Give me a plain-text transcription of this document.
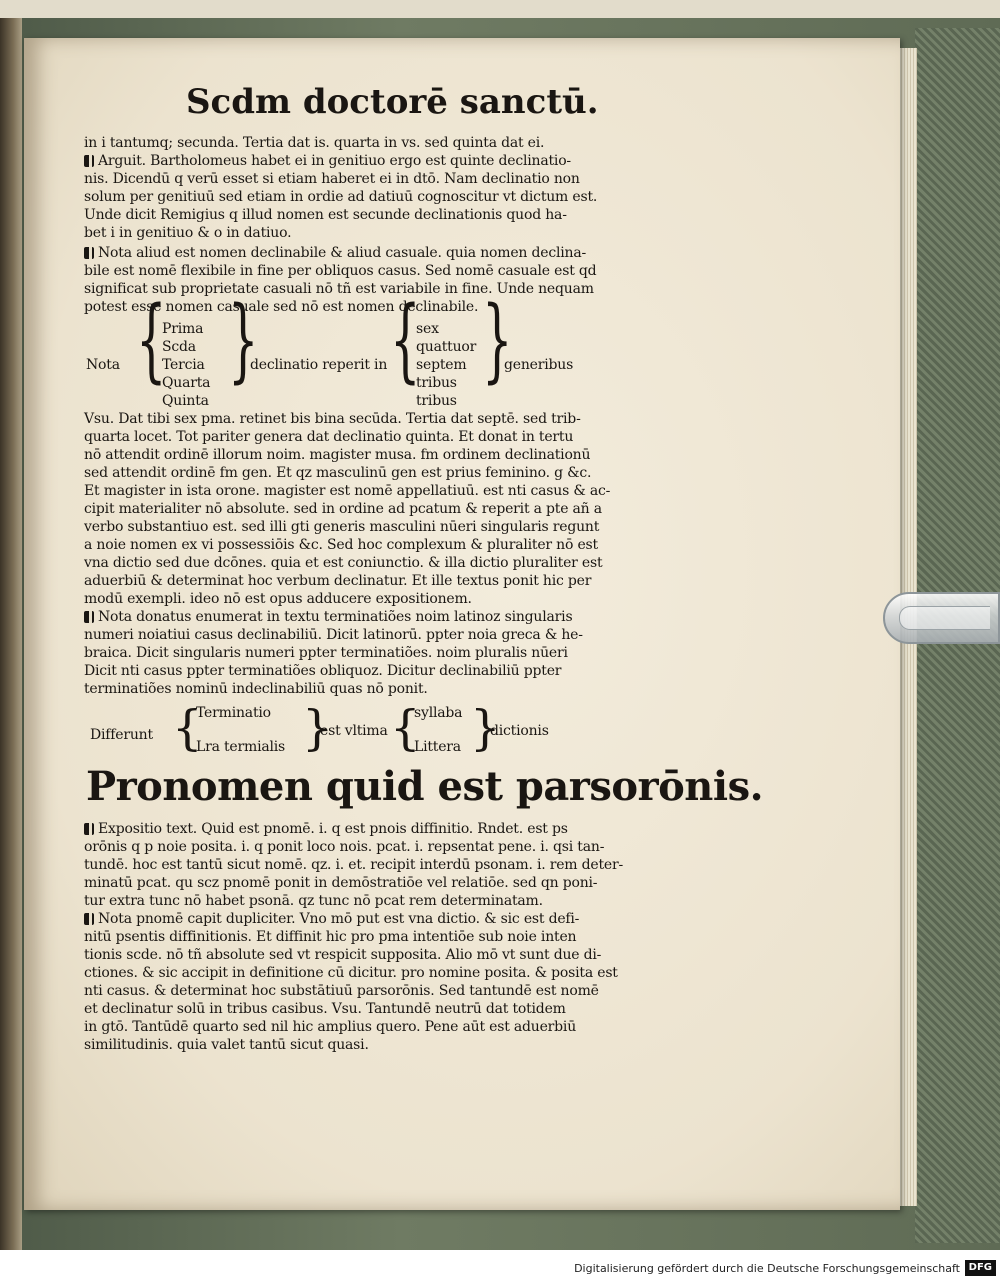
Scdm doctorē sanctū.
in i tantumq; secunda. Tertia dat is. quarta in vs. sed quinta dat ei.
Arguit. Bartholomeus habet ei in genitiuo ergo est quinte declinatio-
nis. Dicendū q verū esset si etiam haberet ei in dtō. Nam declinatio non
solum per genitiuū sed etiam in ordie ad datiuū cognoscitur vt dictum est.
Unde dicit Remigius q illud nomen est secunde declinationis quod ha-
bet i in genitiuo & o in datiuo.
Nota aliud est nomen declinabile & aliud casuale. quia nomen declina-
bile est nomē flexibile in fine per obliquos casus. Sed nomē casuale est qd
significat sub proprietate casuali nō tñ est variabile in fine. Unde nequam
potest esse nomen casuale sed nō est nomen declinabile.
Nota {
Prima
Scda
Tercia
Quarta
Quinta
}
declinatio reperit in {
sex
quattuor
septem
tribus
tribus
}
generibus
Vsu. Dat tibi sex pma. retinet bis bina secūda. Tertia dat septē. sed trib-
quarta locet. Tot pariter genera dat declinatio quinta. Et donat in tertu
nō attendit ordinē illorum noim. magister musa. fm ordinem declinationū
sed attendit ordinē fm gen. Et qz masculinū gen est prius feminino. g &c.
Et magister in ista orone. magister est nomē appellatiuū. est nti casus & ac-
cipit materialiter nō absolute. sed in ordine ad pcatum & reperit a pte añ a
verbo substantiuo est. sed illi gti generis masculini nūeri singularis regunt
a noie nomen ex vi possessiōis &c. Sed hoc complexum & pluraliter nō est
vna dictio sed due dcōnes. quia et est coniunctio. & illa dictio pluraliter est
aduerbiū & determinat hoc verbum declinatur. Et ille textus ponit hic per
modū exempli. ideo nō est opus adducere expositionem.
Nota donatus enumerat in textu terminatiões noim latinoz singularis
numeri noiatiui casus declinabiliū. Dicit latinorū. ppter noia greca & he-
braica. Dicit singularis numeri ppter terminatiões. noim pluralis nūeri
Dicit nti casus ppter terminatiões obliquoz. Dicitur declinabiliū ppter
terminatiões nominū indeclinabiliū quas nō ponit.
Differunt {
Terminatio
Lra termialis }
est vltima {
syllaba
Littera }
dictionis
Pronomen quid est parsorōnis.
Expositio text. Quid est pnomē. i. q est pnois diffinitio. Rndet. est ps
orōnis q p noie posita. i. q ponit loco nois. pcat. i. repsentat pene. i. qsi tan-
tundē. hoc est tantū sicut nomē. qz. i. et. recipit interdū psonam. i. rem deter-
minatū pcat. qu scz pnomē ponit in demōstratiōe vel relatiōe. sed qn poni-
tur extra tunc nō habet psonā. qz tunc nō pcat rem determinatam.
Nota pnomē capit dupliciter. Vno mō put est vna dictio. & sic est defi-
nitū psentis diffinitionis. Et diffinit hic pro pma intentiōe sub noie inten
tionis scde. nō tñ absolute sed vt respicit supposita. Alio mō vt sunt due di-
ctiones. & sic accipit in definitione cū dicitur. pro nomine posita. & posita est
nti casus. & determinat hoc substātiuū parsorōnis. Sed tantundē est nomē
et declinatur solū in tribus casibus. Vsu. Tantundē neutrū dat totidem
in gtō. Tantūdē quarto sed nil hic amplius quero. Pene aūt est aduerbiū
similitudinis. quia valet tantū sicut quasi.
Digitalisierung gefördert durch die Deutsche Forschungsgemeinschaft DFG
